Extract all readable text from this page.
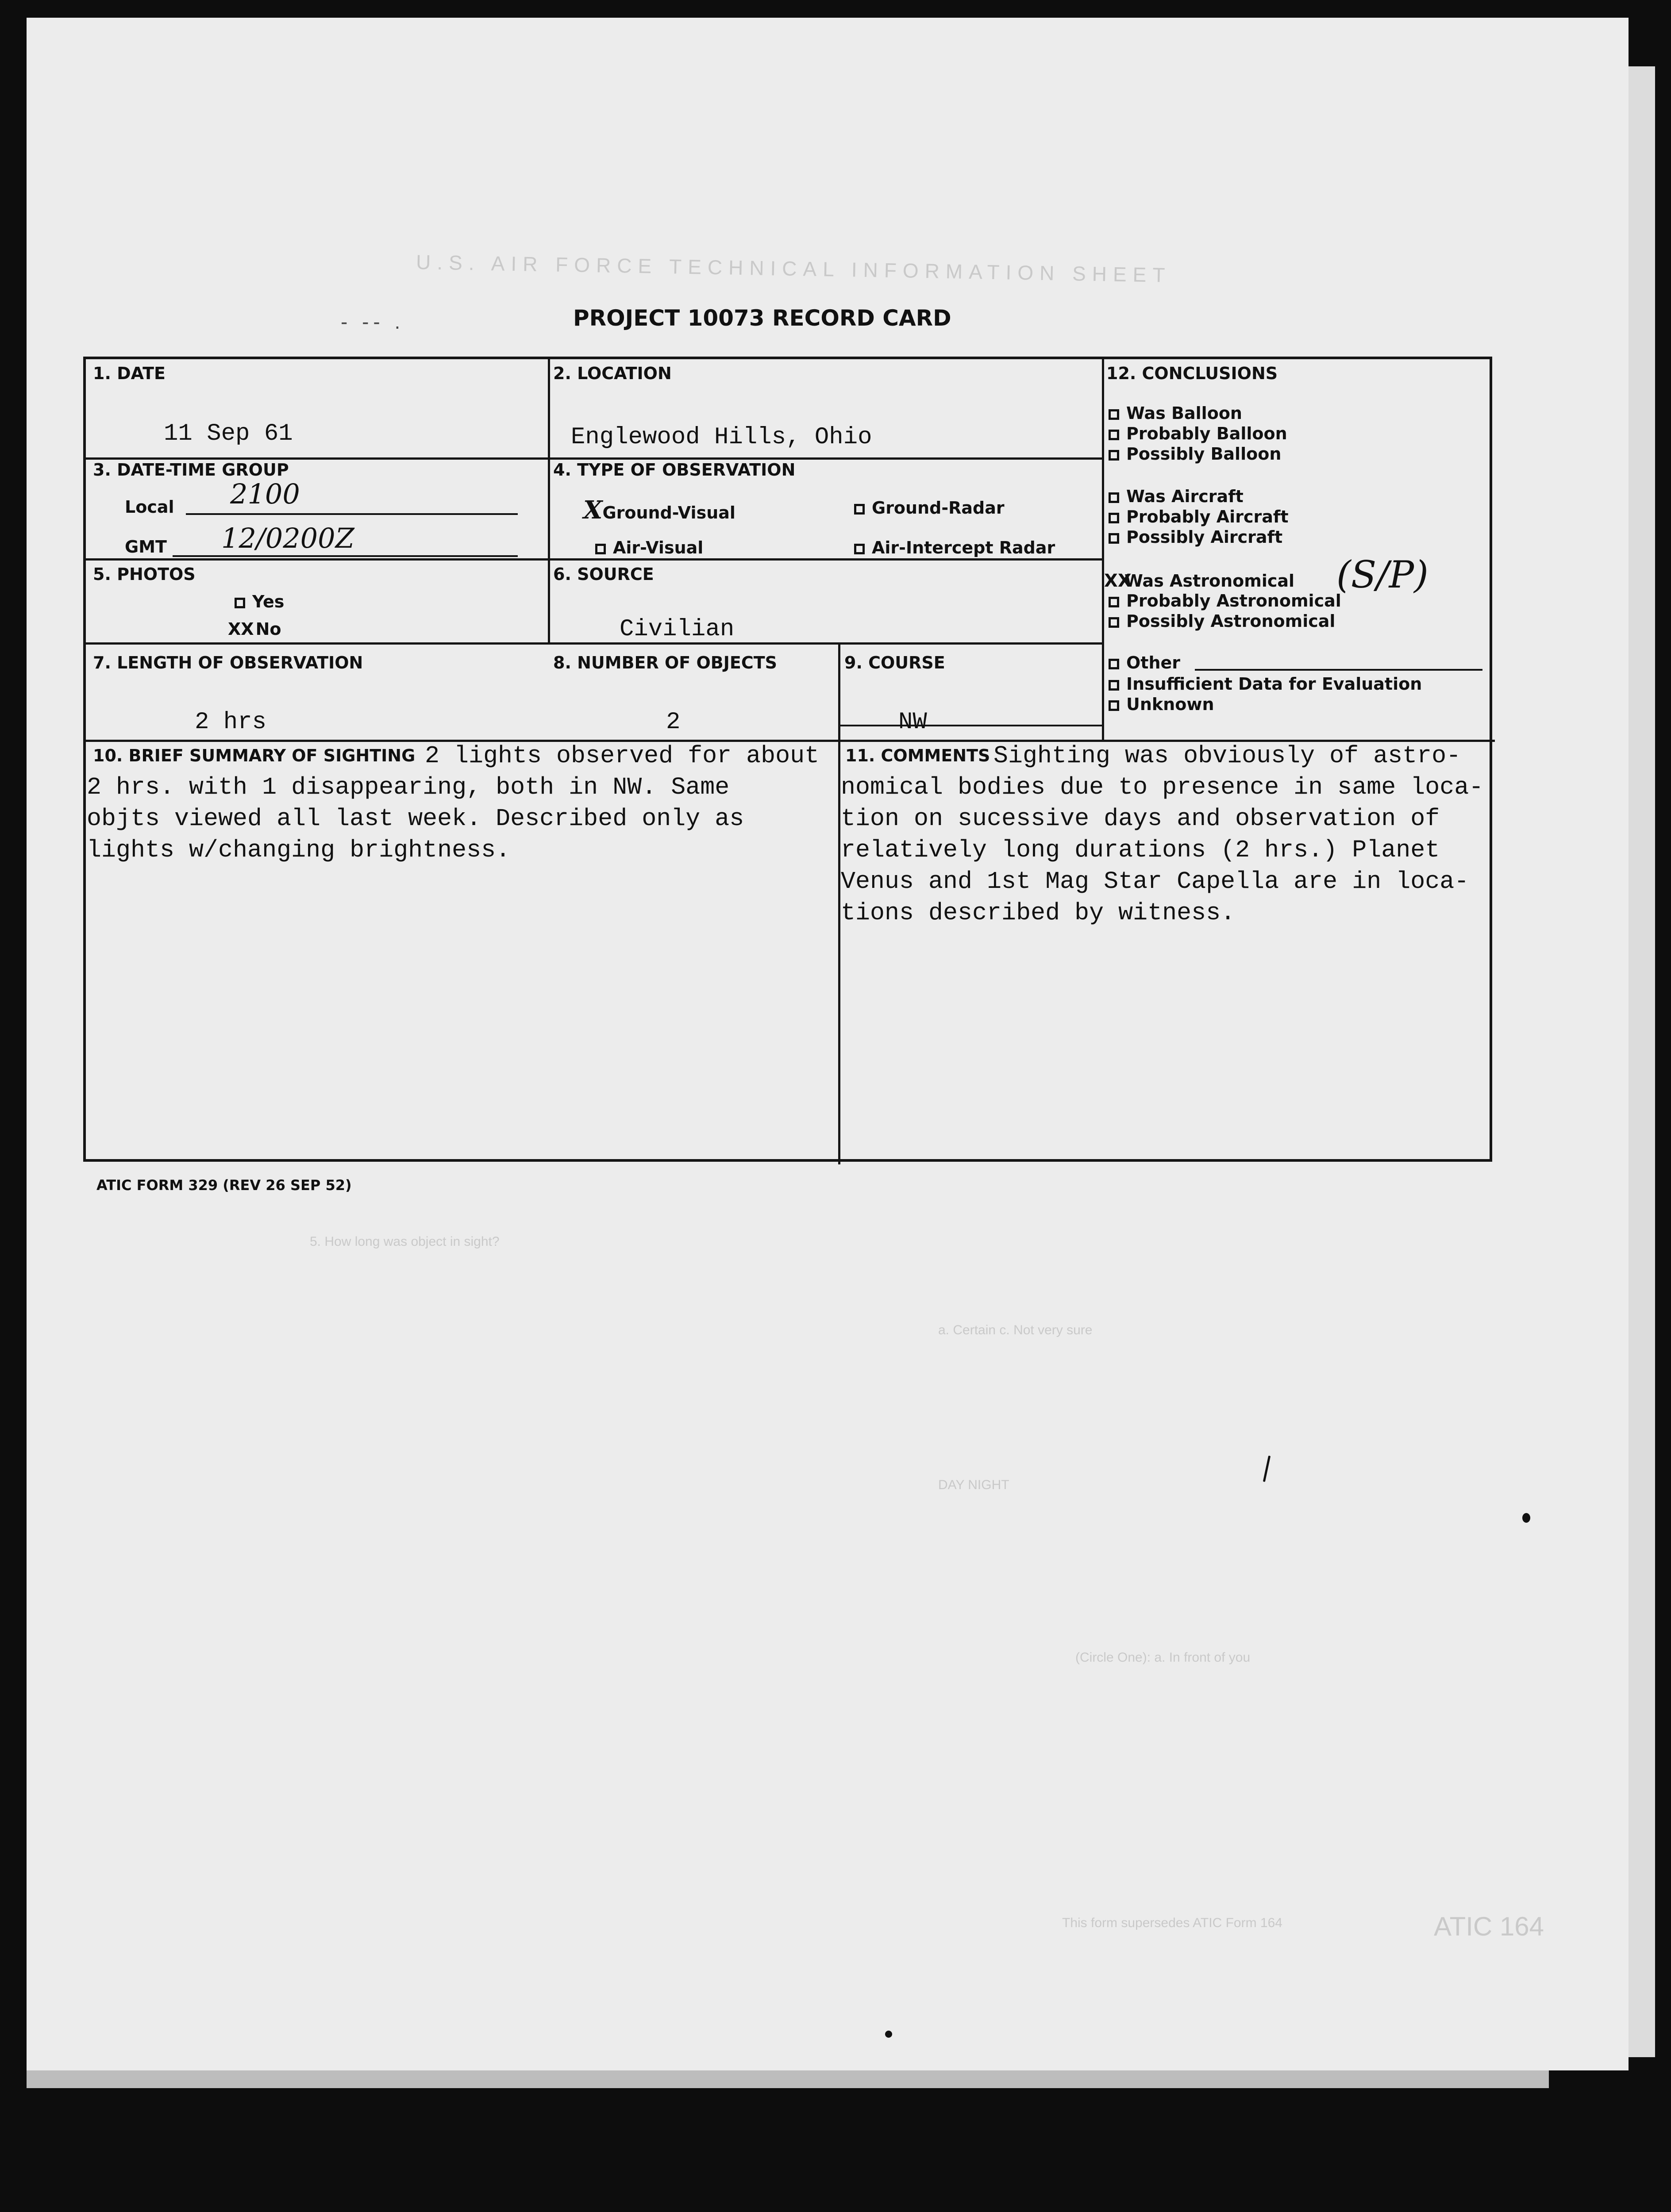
U.S. AIR FORCE TECHNICAL INFORMATION SHEET
ATIC 164
5. How long was object in sight?
a. Certain c. Not very sure
DAY NIGHT
(Circle One): a. In front of you
This form supersedes ATIC Form 164
- -- .	PROJECT 10073 RECORD CARD
1. DATE
11 Sep 61
2. LOCATION
Englewood Hills, Ohio
3. DATE-TIME GROUP
Local 2100
GMT 12/0200Z
4. TYPE OF OBSERVATION
XGround-Visual	Ground-Radar
Air-Visual	Air-Intercept Radar
5. PHOTOS
Yes
XX No
6. SOURCE
Civilian
7. LENGTH OF OBSERVATION
2 hrs
8. NUMBER OF OBJECTS
2
9. COURSE
NW
10. BRIEF SUMMARY OF SIGHTING 2 lights observed for about
2 hrs. with 1 disappearing, both in NW. Same
objts viewed all last week. Described only as
lights w/changing brightness.
11. COMMENTS Sighting was obviously of astro-
nomical bodies due to presence in same loca-
tion on sucessive days and observation of
relatively long durations (2 hrs.) Planet
Venus and 1st Mag Star Capella are in loca-
tions described by witness.
12. CONCLUSIONS
Was Balloon
Probably Balloon
Possibly Balloon
Was Aircraft
Probably Aircraft
Possibly Aircraft
XXWas Astronomical (S/P)
Probably Astronomical
Possibly Astronomical
Other
Insufficient Data for Evaluation
Unknown
ATIC FORM 329 (REV 26 SEP 52)
